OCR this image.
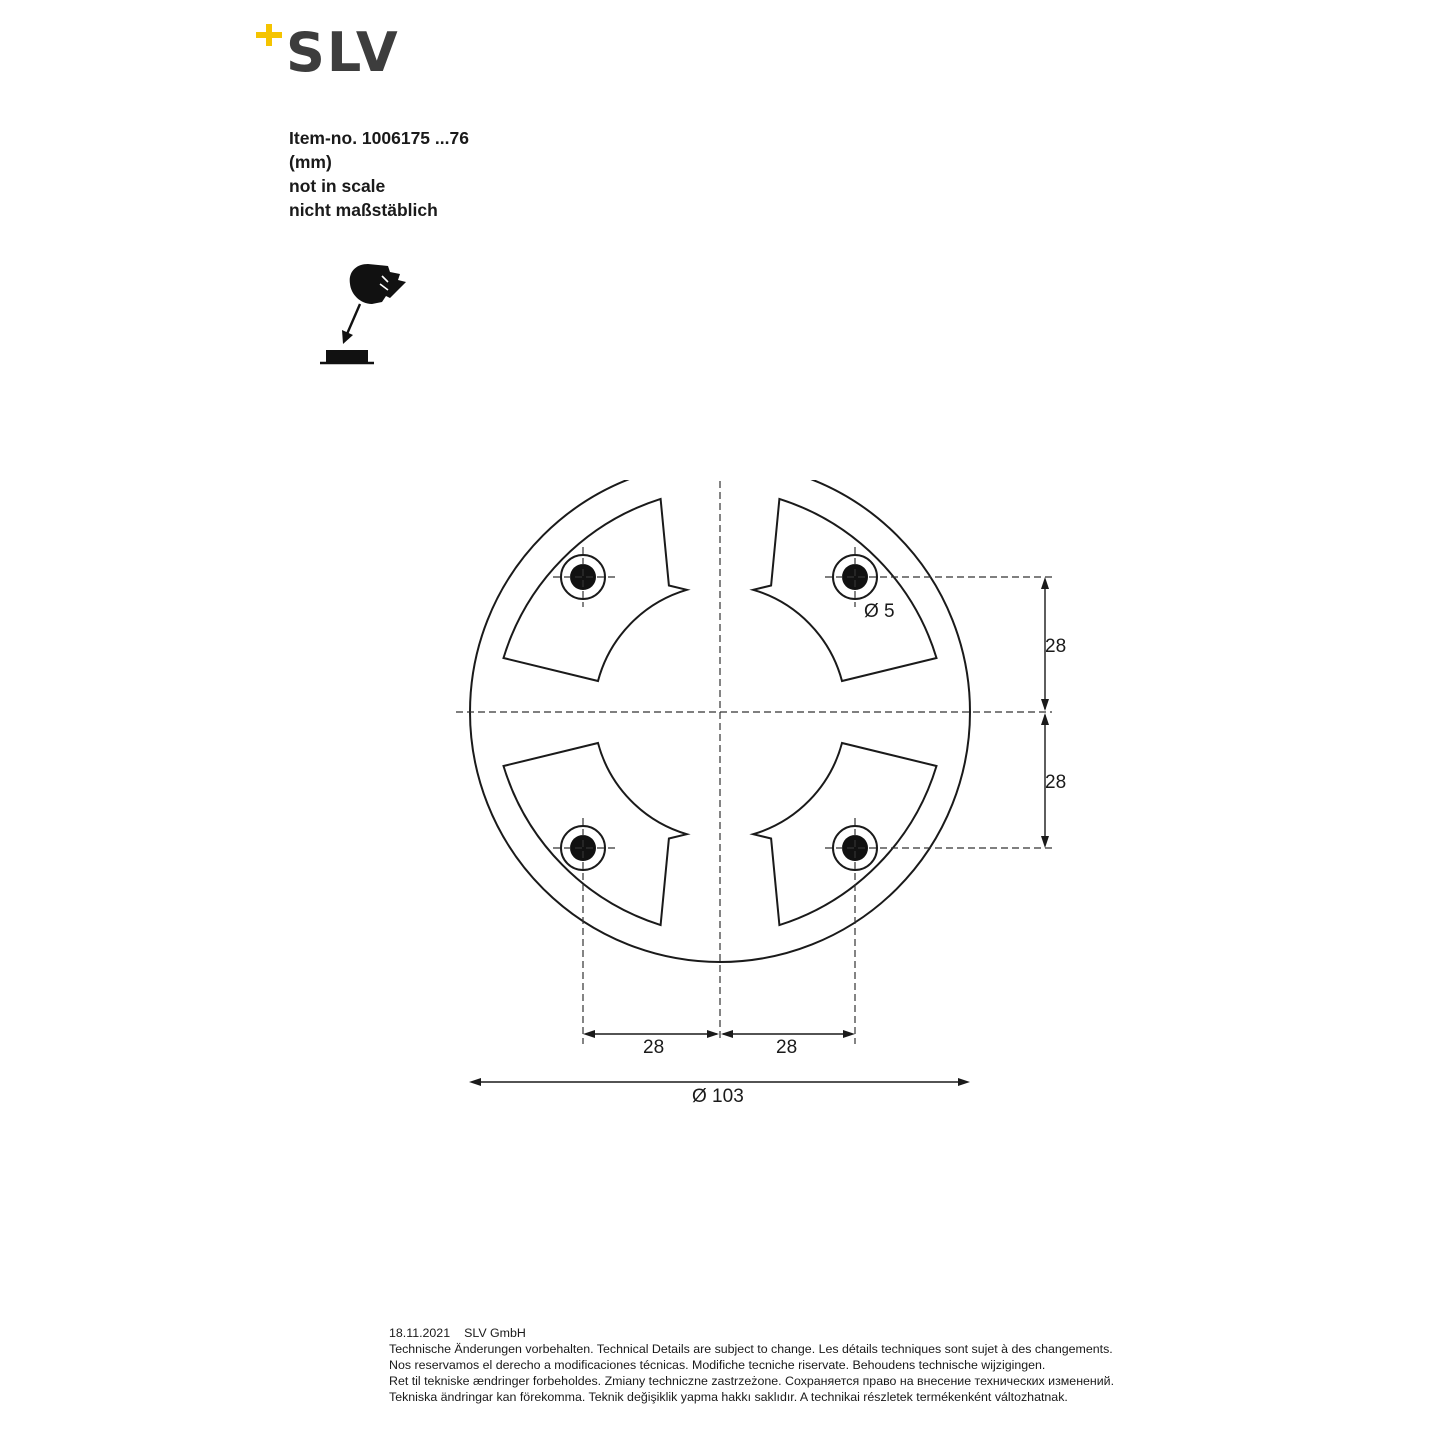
SLV
Item-no. 1006175 ...76
(mm)
not in scale
nicht maßstäblich
Ø 5
28
28
28	28
Ø 103
18.11.2021 SLV GmbH
Technische Änderungen vorbehalten. Technical Details are subject to change. Les détails techniques sont sujet à des changements.
Nos reservamos el derecho a modificaciones técnicas. Modifiche tecniche riservate. Behoudens technische wijzigingen.
Ret til tekniske ændringer forbeholdes. Zmiany techniczne zastrzeżone. Сохраняется право на внесение технических изменений.
Tekniska ändringar kan förekomma. Teknik değişiklik yapma hakkı saklıdır. A technikai részletek termékenként változhatnak.
